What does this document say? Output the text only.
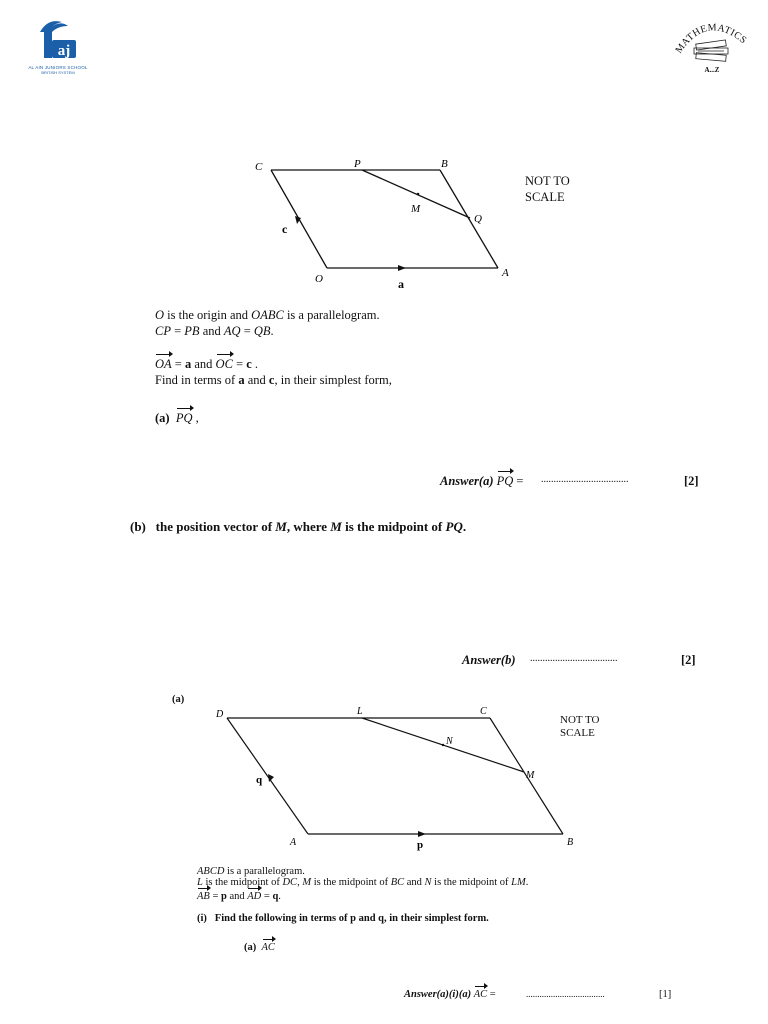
aj
AL AIN JUNIORS SCHOOL
BRITISH SYSTEM
MATHEMATICS
A...Z
C	P	B
M
Q
O	A
c
a
NOT TO
SCALE
O is the origin and OABC is a parallelogram.
CP = PB and AQ = QB.
OA = a and OC = c .
Find in terms of a and c, in their simplest form,
(a) PQ ,
Answer(a) PQ = ...................................	[2]
(b) the position vector of M, where M is the midpoint of PQ.
Answer(b) ...................................	[2]
(a)
D	L	C
N
M
A	B
q
p
NOT TO
SCALE
ABCD is a parallelogram.
L is the midpoint of DC, M is the midpoint of BC and N is the midpoint of LM.
AB = p and AD = q.
(i) Find the following in terms of p and q, in their simplest form.
(a) AC
Answer(a)(i)(a) AC =	...................................	[1]
